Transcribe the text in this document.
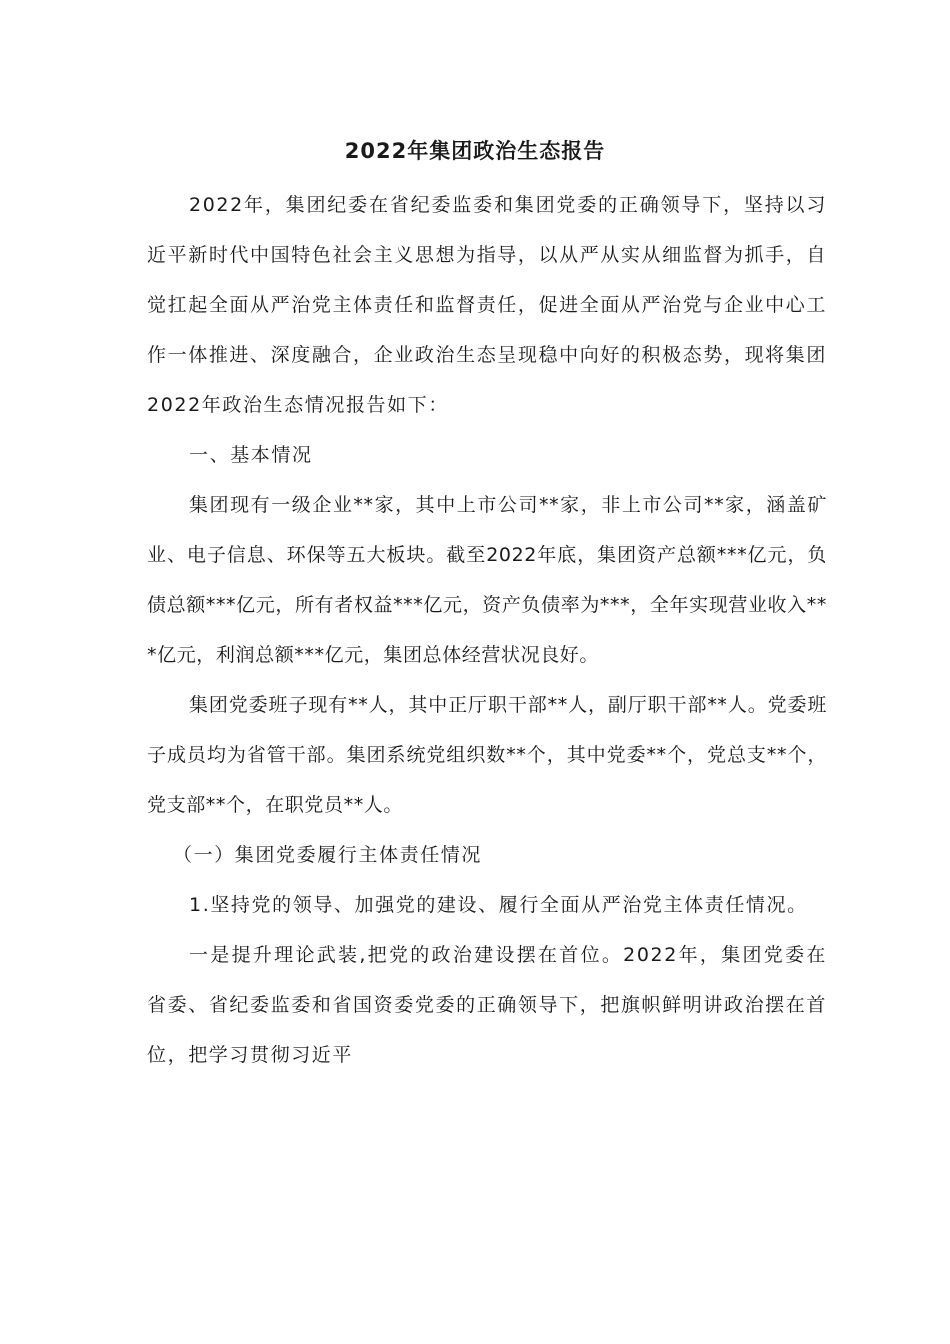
2022年集团政治生态报告

2022年，集团纪委在省纪委监委和集团党委的正确领导下，坚持以习近平新时代中国特色社会主义思想为指导，以从严从实从细监督为抓手，自觉扛起全面从严治党主体责任和监督责任，促进全面从严治党与企业中心工作一体推进、深度融合，企业政治生态呈现稳中向好的积极态势，现将集团2022年政治生态情况报告如下：

一、基本情况

集团现有一级企业**家，其中上市公司**家，非上市公司**家，涵盖矿业、电子信息、环保等五大板块。截至2022年底，集团资产总额***亿元，负债总额***亿元，所有者权益***亿元，资产负债率为***，全年实现营业收入***亿元，利润总额***亿元，集团总体经营状况良好。

集团党委班子现有**人，其中正厅职干部**人，副厅职干部**人。党委班子成员均为省管干部。集团系统党组织数**个，其中党委**个，党总支**个，党支部**个，在职党员**人。

（一）集团党委履行主体责任情况

1.坚持党的领导、加强党的建设、履行全面从严治党主体责任情况。

一是提升理论武装,把党的政治建设摆在首位。2022年，集团党委在省委、省纪委监委和省国资委党委的正确领导下，把旗帜鲜明讲政治摆在首位，把学习贯彻习近平
